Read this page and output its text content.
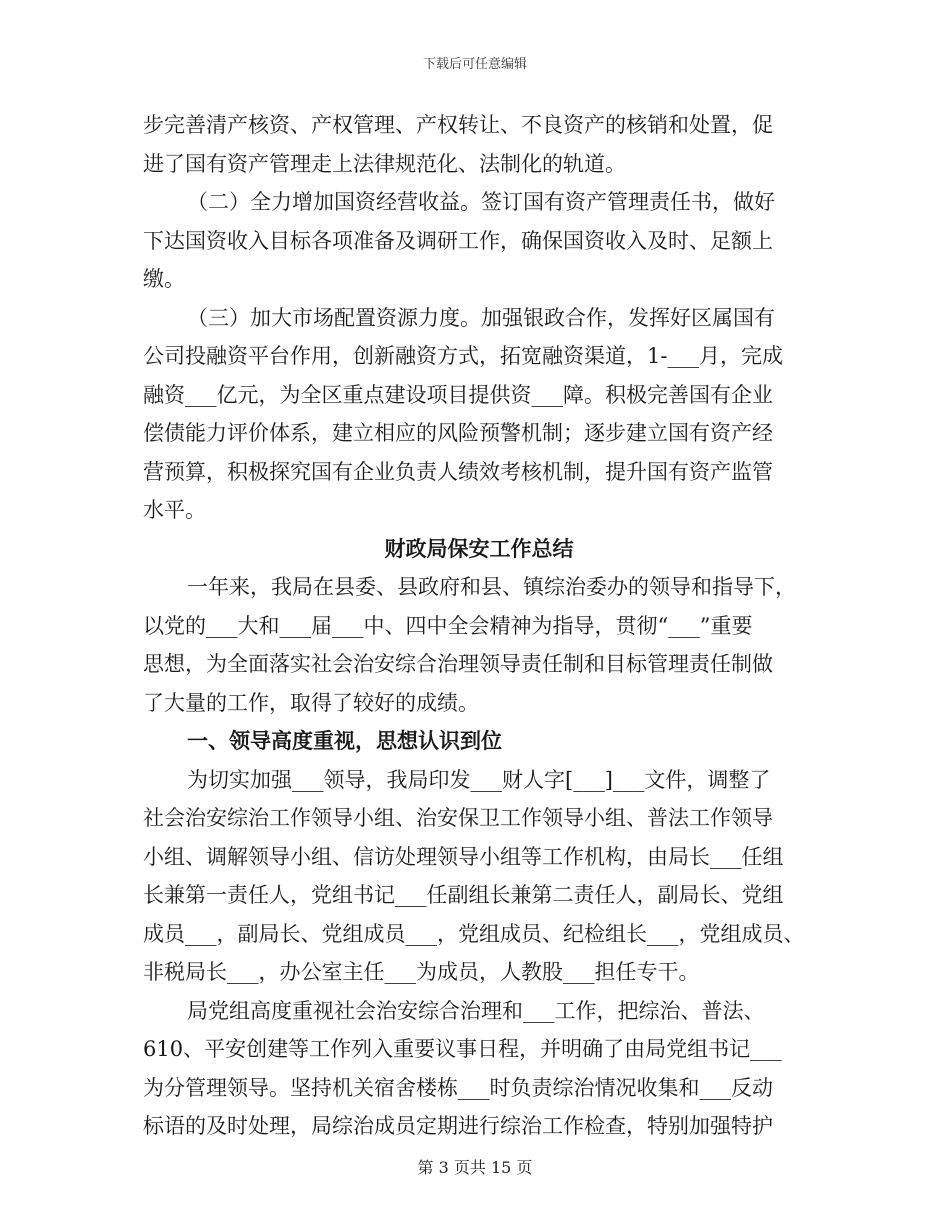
下载后可任意编辑
步完善清产核资、产权管理、产权转让、不良资产的核销和处置，促
进了国有资产管理走上法律规范化、法制化的轨道。
（二）全力增加国资经营收益。签订国有资产管理责任书，做好
下达国资收入目标各项准备及调研工作，确保国资收入及时、足额上
缴。
（三）加大市场配置资源力度。加强银政合作，发挥好区属国有
公司投融资平台作用，创新融资方式，拓宽融资渠道，1-___月，完成
融资___亿元，为全区重点建设项目提供资___障。积极完善国有企业
偿债能力评价体系，建立相应的风险预警机制；逐步建立国有资产经
营预算，积极探究国有企业负责人绩效考核机制，提升国有资产监管
水平。
财政局保安工作总结
一年来，我局在县委、县政府和县、镇综治委办的领导和指导下，
以党的___大和___届___中、四中全会精神为指导，贯彻“___”重要
思想，为全面落实社会治安综合治理领导责任制和目标管理责任制做
了大量的工作，取得了较好的成绩。
一、领导高度重视，思想认识到位
为切实加强___领导，我局印发___财人字[___]___文件，调整了
社会治安综治工作领导小组、治安保卫工作领导小组、普法工作领导
小组、调解领导小组、信访处理领导小组等工作机构，由局长___任组
长兼第一责任人，党组书记___任副组长兼第二责任人，副局长、党组
成员___，副局长、党组成员___，党组成员、纪检组长___，党组成员、
非税局长___，办公室主任___为成员，人教股___担任专干。
局党组高度重视社会治安综合治理和___工作，把综治、普法、
610、平安创建等工作列入重要议事日程，并明确了由局党组书记___
为分管理领导。坚持机关宿舍楼栋___时负责综治情况收集和___反动
标语的及时处理，局综治成员定期进行综治工作检查，特别加强特护
第 3 页共 15 页
